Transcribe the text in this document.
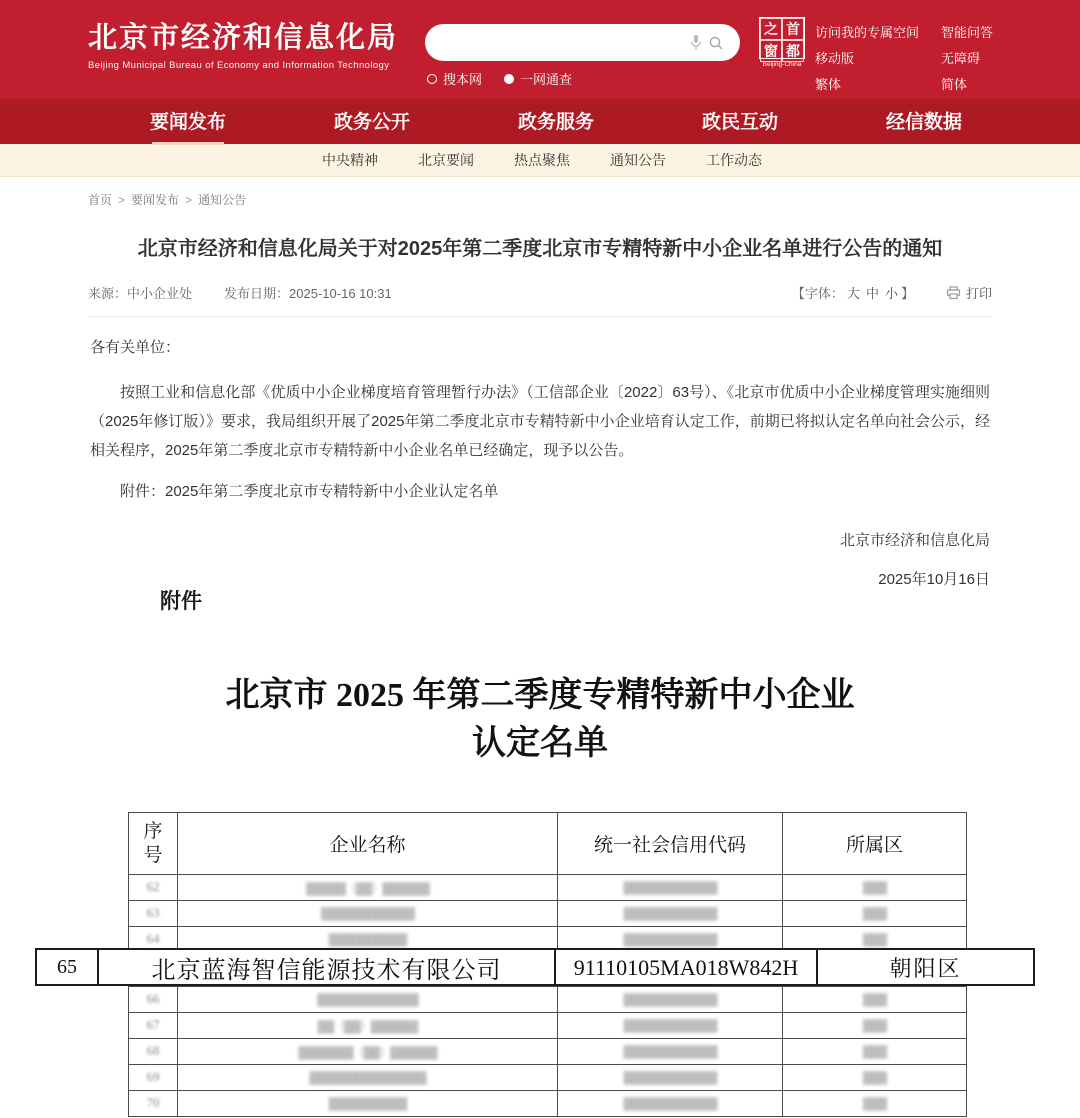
北京市经济和信息化局

Beijing Municipal Bureau of Economy and Information Technology

搜本网	一网通查
之 首
窗 都
Beijing-China
访问我的专属空间 智能问答
移动版	无障碍
繁体	简体
要闻发布	政务公开	政务服务	政民互动	经信数据
中央精神	北京要闻	热点聚焦	通知公告	工作动态
首页 > 要闻发布 > 通知公告
北京市经济和信息化局关于对2025年第二季度北京市专精特新中小企业名单进行公告的通知
来源：中小企业处 发布日期：2025-10-16 10:31	【字体： 大 中 小 】	打印

各有关单位：

按照工业和信息化部《优质中小企业梯度培育管理暂行办法》（工信部企业〔2022〕63号）、《北京市优质中小企业梯度管理实施细则（2025年修订版）》要求，我局组织开展了2025年第二季度北京市专精特新中小企业培育认定工作，前期已将拟认定名单向社会公示，经相关程序，2025年第二季度北京市专精特新中小企业名单已经确定，现予以公告。

附件：2025年第二季度北京市专精特新中小企业认定名单

北京市经济和信息化局

2025年10月16日

附件
北京市 2025 年第二季度专精特新中小企业
认定名单
序号	企业名称	统一社会信用代码	所属区
62	▓▓▓▓▓（▓▓）▓▓▓▓▓▓	▓▓▓▓▓▓▓▓▓▓▓▓	▓▓▓
63	▓▓▓▓▓▓▓▓▓▓▓▓	▓▓▓▓▓▓▓▓▓▓▓▓	▓▓▓
64	▓▓▓▓▓▓▓▓▓▓	▓▓▓▓▓▓▓▓▓▓▓▓	▓▓▓

66	▓▓▓▓▓▓▓▓▓▓▓▓▓	▓▓▓▓▓▓▓▓▓▓▓▓	▓▓▓
67	▓▓（▓▓）▓▓▓▓▓▓	▓▓▓▓▓▓▓▓▓▓▓▓	▓▓▓
68	▓▓▓▓▓▓▓（▓▓）▓▓▓▓▓▓	▓▓▓▓▓▓▓▓▓▓▓▓	▓▓▓
69	▓▓▓▓▓▓▓▓▓▓▓▓▓▓▓	▓▓▓▓▓▓▓▓▓▓▓▓	▓▓▓
70	▓▓▓▓▓▓▓▓▓▓	▓▓▓▓▓▓▓▓▓▓▓▓	▓▓▓
65	北京蓝海智信能源技术有限公司	91110105MA018W842H	朝阳区
